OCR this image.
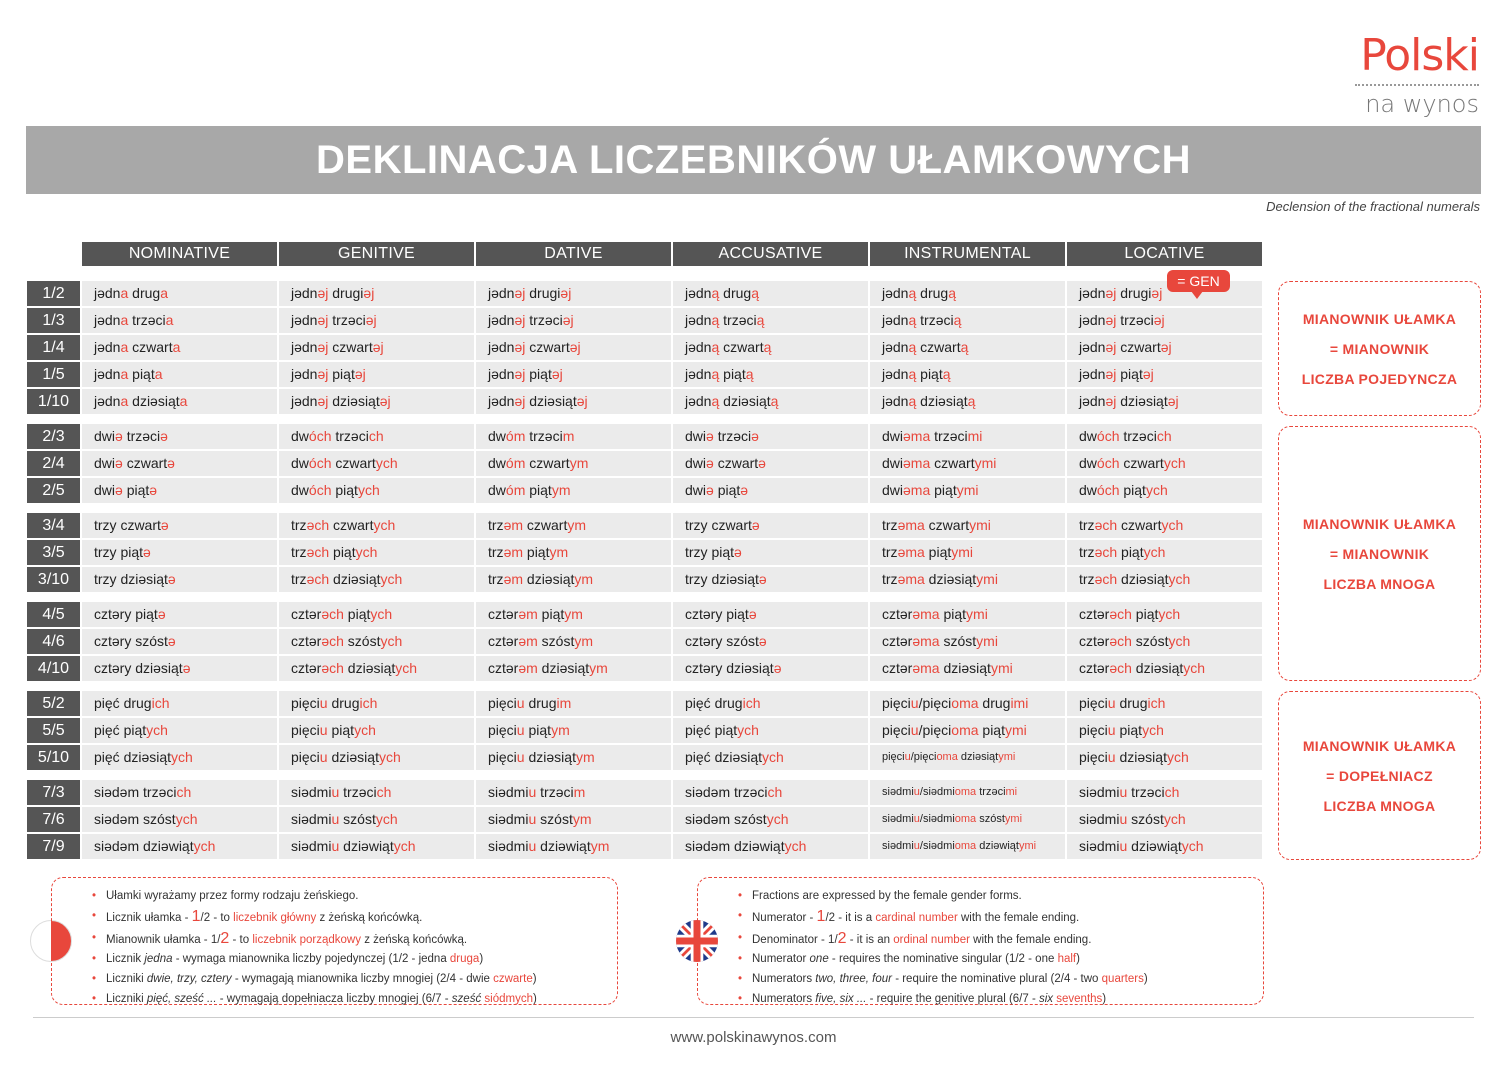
Polski
na wynos
DEKLINACJA LICZEBNIKÓW UŁAMKOWYCH
Declension of the fractional numerals
NOMINATIVE	GENITIVE	DATIVE	ACCUSATIVE	INSTRUMENTAL	LOCATIVE
1/2	jədna druga	jədnəj drugiəj	jədnəj drugiəj	jədną drugą	jədną drugą	jədnəj drugiəj
1/3	jədna trzəcia	jədnəj trzəciəj	jədnəj trzəciəj	jədną trzəcią	jədną trzəcią	jədnəj trzəciəj
1/4	jədna czwarta	jədnəj czwartəj	jədnəj czwartəj	jədną czwartą	jədną czwartą	jədnəj czwartəj
1/5	jədna piąta	jədnəj piątəj	jədnəj piątəj	jədną piątą	jədną piątą	jədnəj piątəj
1/10	jədna dziəsiąta	jədnəj dziəsiątəj	jədnəj dziəsiątəj	jədną dziəsiątą	jədną dziəsiątą	jədnəj dziəsiątəj
2/3	dwiə trzəciə	dwóch trzəcich	dwóm trzəcim	dwiə trzəciə	dwiəma trzəcimi	dwóch trzəcich
2/4	dwiə czwartə	dwóch czwartych	dwóm czwartym	dwiə czwartə	dwiəma czwartymi	dwóch czwartych
2/5	dwiə piątə	dwóch piątych	dwóm piątym	dwiə piątə	dwiəma piątymi	dwóch piątych
3/4	trzy czwartə	trzəch czwartych	trzəm czwartym	trzy czwartə	trzəma czwartymi	trzəch czwartych
3/5	trzy piątə	trzəch piątych	trzəm piątym	trzy piątə	trzəma piątymi	trzəch piątych
3/10	trzy dziəsiątə	trzəch dziəsiątych	trzəm dziəsiątym	trzy dziəsiątə	trzəma dziəsiątymi	trzəch dziəsiątych
4/5	cztəry piątə	cztərəch piątych	cztərəm piątym	cztəry piątə	cztərəma piątymi	cztərəch piątych
4/6	cztəry szóstə	cztərəch szóstych	cztərəm szóstym	cztəry szóstə	cztərəma szóstymi	cztərəch szóstych
4/10	cztəry dziəsiątə	cztərəch dziəsiątych	cztərəm dziəsiątym	cztəry dziəsiątə	cztərəma dziəsiątymi	cztərəch dziəsiątych
5/2	pięć drugich	pięciu drugich	pięciu drugim	pięć drugich	pięciu/pięcioma drugimi	pięciu drugich
5/5	pięć piątych	pięciu piątych	pięciu piątym	pięć piątych	pięciu/pięcioma piątymi	pięciu piątych
5/10	pięć dziəsiątych	pięciu dziəsiątych	pięciu dziəsiątym	pięć dziəsiątych	pięciu/pięcioma dziəsiątymi	pięciu dziəsiątych
7/3	siədəm trzəcich	siədmiu trzəcich	siədmiu trzəcim	siədəm trzəcich	siədmiu/siədmioma trzəcimi	siədmiu trzəcich
7/6	siədəm szóstych	siədmiu szóstych	siədmiu szóstym	siədəm szóstych	siədmiu/siədmioma szóstymi	siədmiu szóstych
7/9	siədəm dziəwiątych	siədmiu dziəwiątych	siədmiu dziəwiątym	siədəm dziəwiątych	siədmiu/siədmioma dziəwiątymi	siədmiu dziəwiątych
= GEN
MIANOWNIK UŁAMKA
= MIANOWNIK
LICZBA POJEDYNCZA
MIANOWNIK UŁAMKA
= MIANOWNIK
LICZBA MNOGA
MIANOWNIK UŁAMKA
= DOPEŁNIACZ
LICZBA MNOGA
• Ułamki wyrażamy przez formy rodzaju żeńskiego.
• Licznik ułamka - 1/2 - to liczebnik główny z żeńską końcówką.
• Mianownik ułamka - 1/2 - to liczebnik porządkowy z żeńską końcówką.
• Licznik jedna - wymaga mianownika liczby pojedynczej (1/2 - jedna druga)
• Liczniki dwie, trzy, cztery - wymagają mianownika liczby mnogiej (2/4 - dwie czwarte)
• Liczniki pięć, sześć ... - wymagają dopełniacza liczby mnogiej (6/7 - sześć siódmych)
• Fractions are expressed by the female gender forms.
• Numerator - 1/2 - it is a cardinal number with the female ending.
• Denominator - 1/2 - it is an ordinal number with the female ending.
• Numerator one - requires the nominative singular (1/2 - one half)
• Numerators two, three, four - require the nominative plural (2/4 - two quarters)
• Numerators five, six ... - require the genitive plural (6/7 - six sevenths)
www.polskinawynos.com
